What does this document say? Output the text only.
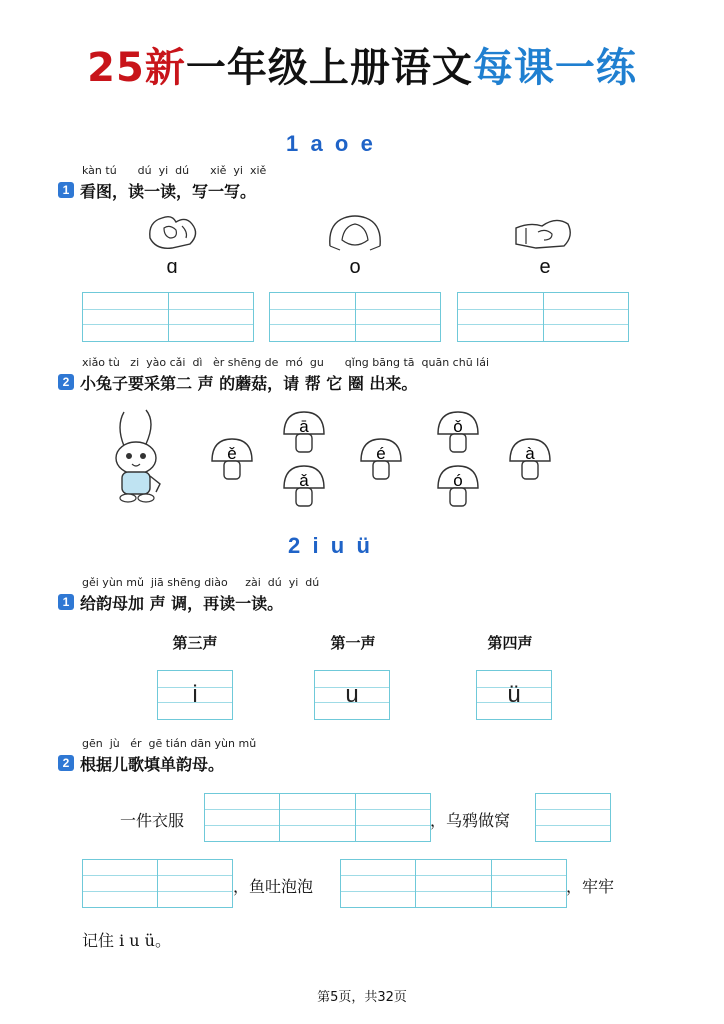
25新一年级上册语文每课一练
1  a  o  e
kàn tú      dú  yi  dú      xiě  yi  xiě
1 看图，读一读，写一写。
ɑ	o	e
xiǎo tù   zi  yào cǎi  dì   èr shēng de  mó  gu      qǐng bāng tā  quān chū lái
2 小兔子要采第二 声 的蘑菇，请 帮 它 圈 出来。
ě
ā
ǎ
é
ǒ
ó
à
2  i  u  ü
gěi yùn mǔ  jiā shēng diào     zài  dú  yi  dú
1 给韵母加 声 调，再读一读。
第三声	第一声	第四声
i	u	ü
gēn  jù   ér  gē tián dān yùn mǔ
2 根据儿歌填单韵母。
一件衣服	，乌鸦做窝
，鱼吐泡泡	，牢牢
记住 i u ü。
第5页，共32页
